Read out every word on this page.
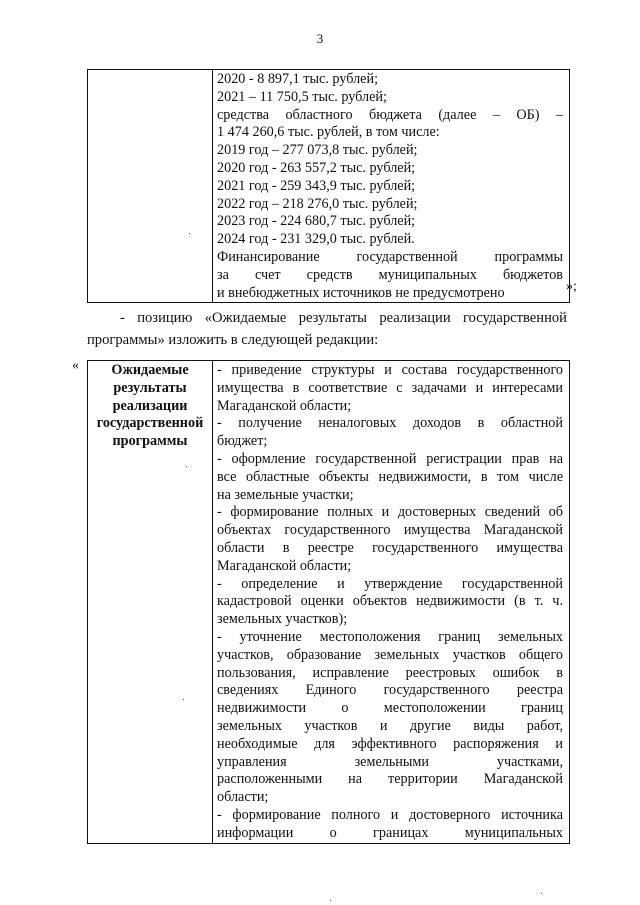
3

2020 - 8 897,1 тыс. рублей;
2021 – 11 750,5 тыс. рублей;
средства областного бюджета (далее – ОБ) –
1 474 260,6 тыс. рублей, в том числе:
2019 год – 277 073,8 тыс. рублей;
2020 год - 263 557,2 тыс. рублей;
2021 год - 259 343,9 тыс. рублей;
2022 год – 218 276,0 тыс. рублей;
2023 год - 224 680,7 тыс. рублей;
2024 год - 231 329,0 тыс. рублей.
Финансирование государственной программы
за счет средств муниципальных бюджетов
и внебюджетных источников не предусмотрено	»;
- позицию «Ожидаемые результаты реализации государственной
программы» изложить в следующей редакции:
«	Ожидаемые
результаты
реализации
государственной
программы

- приведение структуры и состава государственного
имущества в соответствие с задачами и интересами
Магаданской области;
- получение неналоговых доходов в областной
бюджет;
- оформление государственной регистрации прав на
все областные объекты недвижимости, в том числе
на земельные участки;
- формирование полных и достоверных сведений об
объектах государственного имущества Магаданской
области в реестре государственного имущества
Магаданской области;
- определение и утверждение государственной
кадастровой оценки объектов недвижимости (в т. ч.
земельных участков);
- уточнение местоположения границ земельных
участков, образование земельных участков общего
пользования, исправление реестровых ошибок в
сведениях Единого государственного реестра
недвижимости о местоположении границ
земельных участков и другие виды работ,
необходимые для эффективного распоряжения и
управления земельными участками,
расположенными на территории Магаданской
области;
- формирование полного и достоверного источника
информации о границах муниципальных
